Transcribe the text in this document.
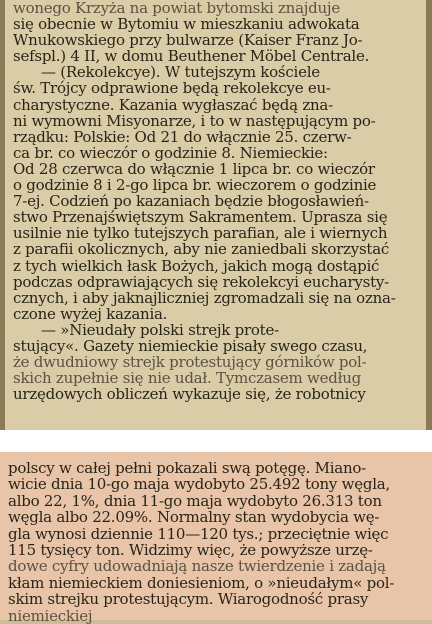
wonego Krzyża na powiat bytomski znajduje
się obecnie w Bytomiu w mieszkaniu adwokata
Wnukowskiego przy bulwarze (Kaiser Franz Jo-
sefspl.) 4 II, w domu Beuthener Möbel Centrale.
— (Rekolekcye). W tutejszym kościele
św. Trójcy odprawione będą rekolekcye eu-
charystyczne. Kazania wygłaszać będą zna-
ni wymowni Misyonarze, i to w następującym po-
rządku: Polskie: Od 21 do włącznie 25. czerw-
ca br. co wieczór o godzinie 8. Niemieckie:
Od 28 czerwca do włącznie 1 lipca br. co wieczór
o godzinie 8 i 2-go lipca br. wieczorem o godzinie
7-ej. Codzień po kazaniach będzie błogosławień-
stwo Przenajświętszym Sakramentem. Uprasza się
usilnie nie tylko tutejszych parafian, ale i wiernych
z parafii okolicznych, aby nie zaniedbali skorzystać
z tych wielkich łask Bożych, jakich mogą dostąpić
podczas odprawiających się rekolekcyi eucharysty-
cznych, i aby jaknajliczniej zgromadzali się na ozna-
czone wyżej kazania.
— »Nieudały polski strejk prote-
stujący«. Gazety niemieckie pisały swego czasu,
że dwudniowy strejk protestujący górników pol-
skich zupełnie się nie udał. Tymczasem według
urzędowych obliczeń wykazuje się, że robotnicy
polscy w całej pełni pokazali swą potęgę. Miano-
wicie dnia 10-go maja wydobyto 25.492 tony węgla,
albo 22, 1%, dnia 11-go maja wydobyto 26.313 ton
węgla albo 22.09%. Normalny stan wydobycia wę-
gla wynosi dziennie 110—120 tys.; przeciętnie więc
115 tysięcy ton. Widzimy więc, że powyższe urzę-
dowe cyfry udowadniają nasze twierdzenie i zadają
kłam niemieckiem doniesieniom, o »nieudałym« pol-
skim strejku protestującym. Wiarogodność prasy
niemieckiej
